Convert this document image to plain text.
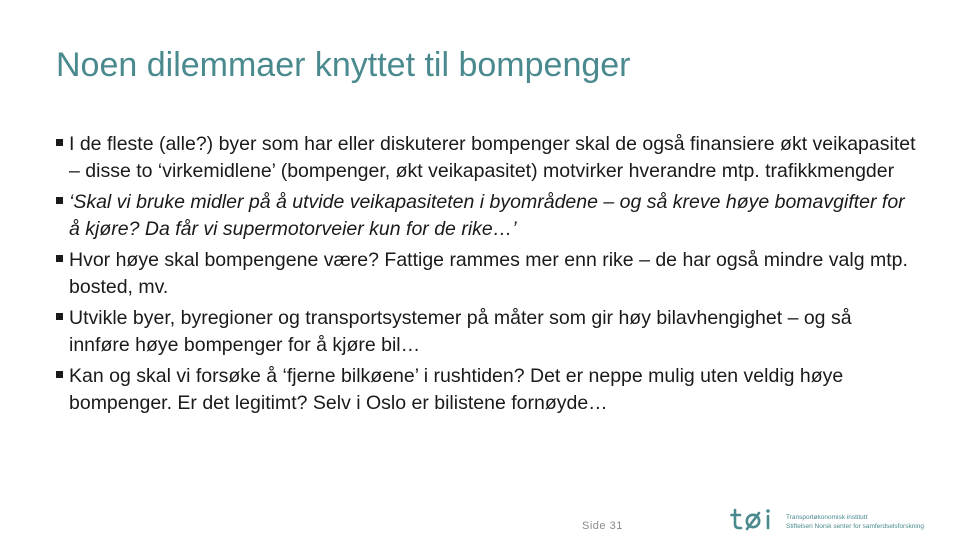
Noen dilemmaer knyttet til bompenger
I de fleste (alle?) byer som har eller diskuterer bompenger skal de også finansiere økt veikapasitet – disse to ‘virkemidlene’ (bompenger, økt veikapasitet) motvirker hverandre mtp. trafikkmengder
‘Skal vi bruke midler på å utvide veikapasiteten i byområdene – og så kreve høye bomavgifter for å kjøre? Da får vi supermotorveier kun for de rike…’
Hvor høye skal bompengene være? Fattige rammes mer enn rike – de har også mindre valg mtp. bosted, mv.
Utvikle byer, byregioner og transportsystemer på måter som gir høy bilavhengighet – og så innføre høye bompenger for å kjøre bil…
Kan og skal vi forsøke å ‘fjerne bilkøene’ i rushtiden? Det er neppe mulig uten veldig høye bompenger. Er det legitimt? Selv i Oslo er bilistene fornøyde…
Side 31
Transportøkonomisk institutt
Stiftelsen Norsk senter for samferdselsforskning
